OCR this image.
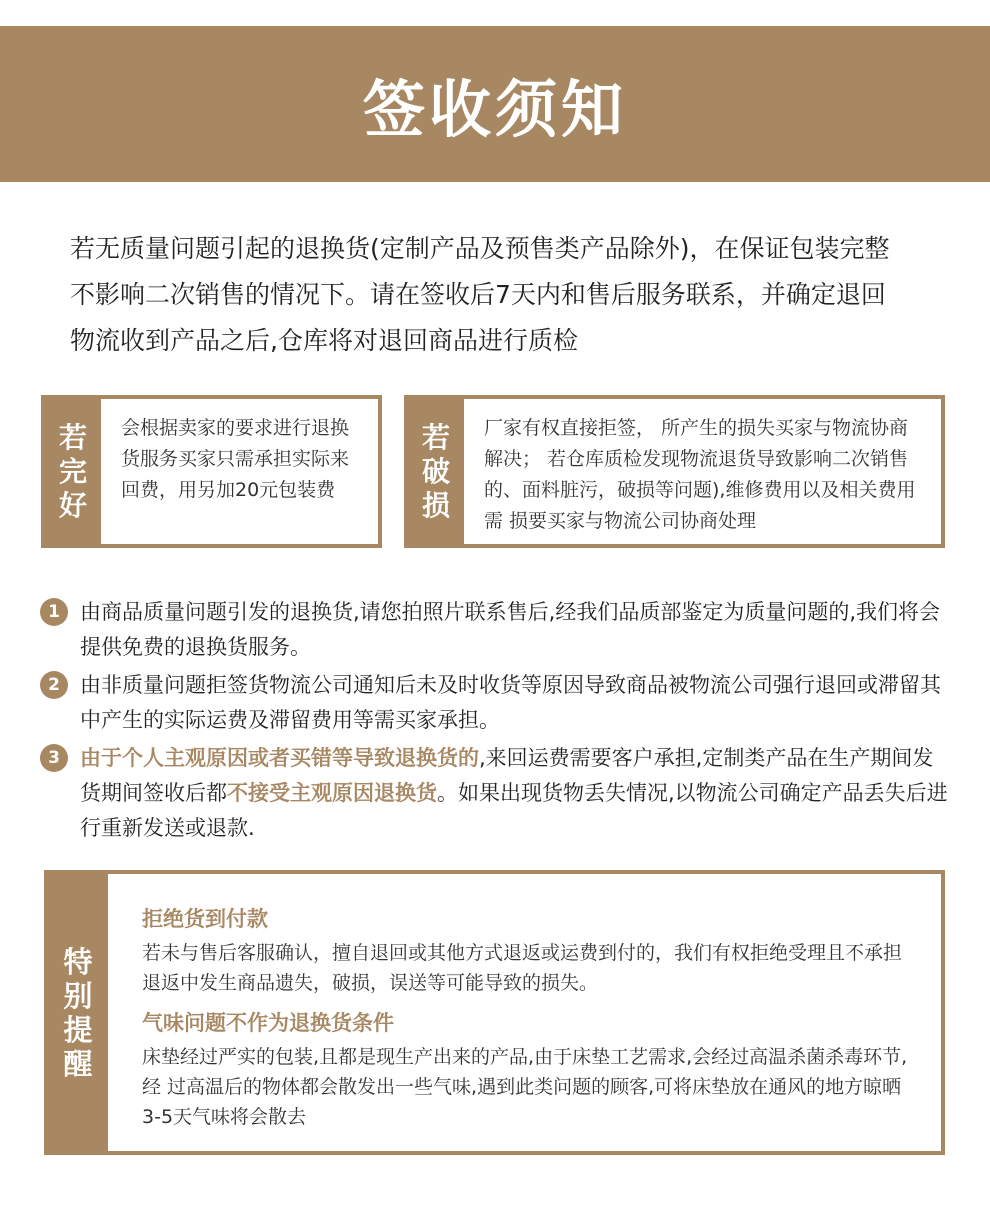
签收须知

若无质量问题引起的退换货(定制产品及预售类产品除外)，在保证包装完整

不影响二次销售的情况下。请在签收后7天内和售后服务联系，并确定退回

物流收到产品之后,仓库将对退回商品进行质检

若
完
好
会根据卖家的要求进行退换货服务买家只需承担实际来回费，用另加20元包装费
若
破
损
厂家有权直接拒签， 所产生的损失买家与物流协商解决； 若仓库质检发现物流退货导致影响二次销售的、面料脏污，破损等问题),维修费用以及相关费用需 损要买家与物流公司协商处理
1 由商品质量问题引发的退换货,请您拍照片联系售后,经我们品质部鉴定为质量问题的,我们将会提供免费的退换货服务。
2 由非质量问题拒签货物流公司通知后未及时收货等原因导致商品被物流公司强行退回或滞留其中产生的实际运费及滞留费用等需买家承担。
3 由于个人主观原因或者买错等导致退换货的,来回运费需要客户承担,定制类产品在生产期间发货期间签收后都不接受主观原因退换货。如果出现货物丢失情况,以物流公司确定产品丢失后进行重新发送或退款.
特
别
提
醒

拒绝货到付款

若未与售后客服确认，擅自退回或其他方式退返或运费到付的，我们有权拒绝受理且不承担退返中发生商品遗失，破损，误送等可能导致的损失。

气味问题不作为退换货条件

床垫经过严实的包装,且都是现生产出来的产品,由于床垫工艺需求,会经过高温杀菌杀毒环节,经 过高温后的物体都会散发出一些气味,遇到此类问题的顾客,可将床垫放在通风的地方晾晒3-5天气味将会散去
